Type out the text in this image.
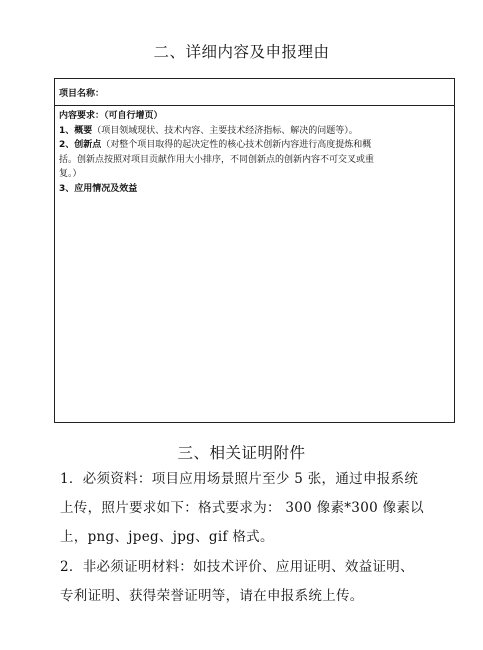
二、详细内容及申报理由
项目名称：
内容要求：（可自行增页）
1、概要（项目领域现状、技术内容、主要技术经济指标、解决的问题等）。
2、创新点（对整个项目取得的起决定性的核心技术创新内容进行高度提炼和概
括。创新点按照对项目贡献作用大小排序，不同创新点的创新内容不可交叉或重
复。）
3、应用情况及效益
三、相关证明附件
1．必须资料：项目应用场景照片至少 5 张，通过申报系统
上传，照片要求如下：格式要求为： 300 像素*300 像素以
上，png、jpeg、jpg、gif 格式。
2．非必须证明材料：如技术评价、应用证明、效益证明、
专利证明、获得荣誉证明等，请在申报系统上传。
